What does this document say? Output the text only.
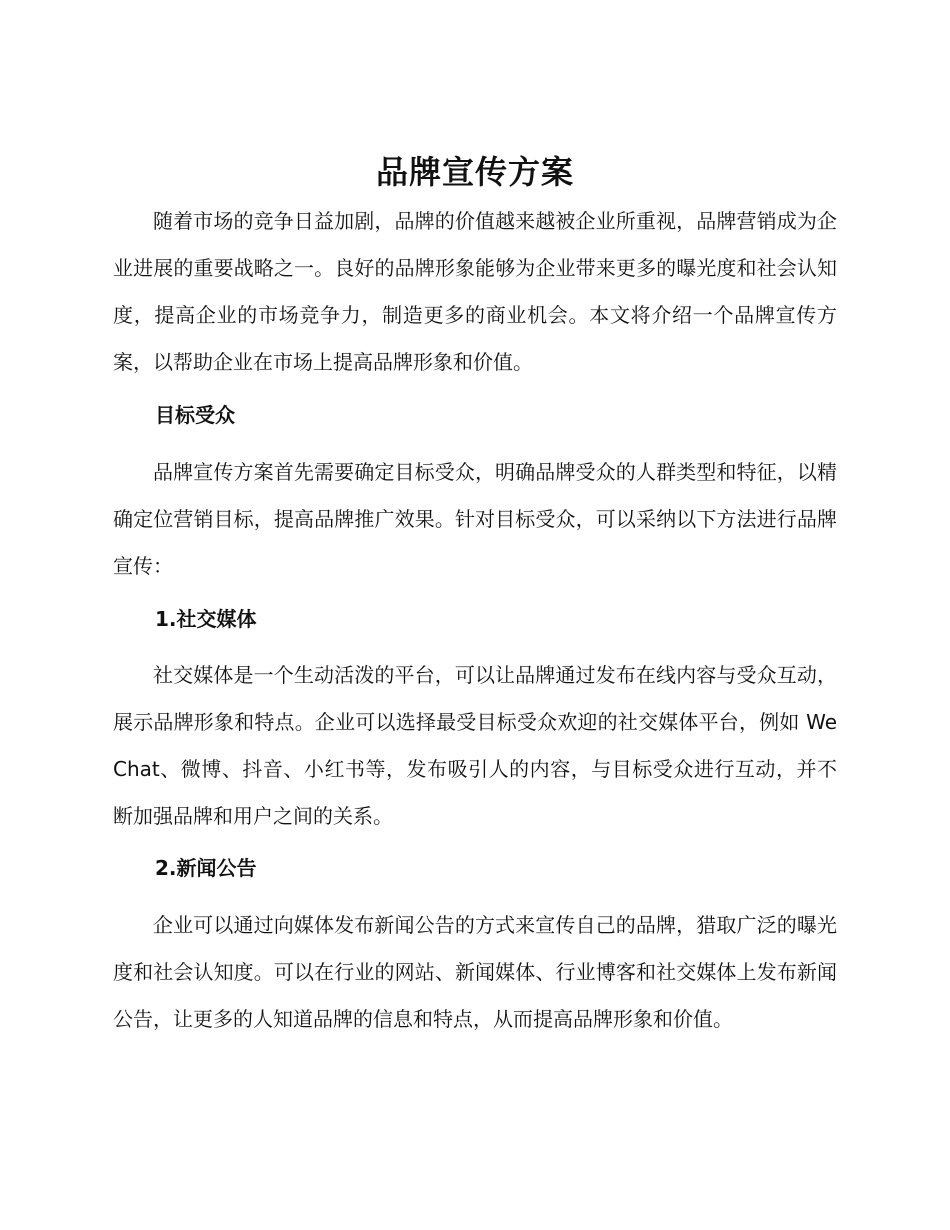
品牌宣传方案

随着市场的竞争日益加剧，品牌的价值越来越被企业所重视，品牌营销成为企业进展的重要战略之一。良好的品牌形象能够为企业带来更多的曝光度和社会认知度，提高企业的市场竞争力，制造更多的商业机会。本文将介绍一个品牌宣传方案，以帮助企业在市场上提高品牌形象和价值。

目标受众

品牌宣传方案首先需要确定目标受众，明确品牌受众的人群类型和特征，以精确定位营销目标，提高品牌推广效果。针对目标受众，可以采纳以下方法进行品牌宣传：

1.社交媒体

社交媒体是一个生动活泼的平台，可以让品牌通过发布在线内容与受众互动，展示品牌形象和特点。企业可以选择最受目标受众欢迎的社交媒体平台，例如 WeChat、微博、抖音、小红书等，发布吸引人的内容，与目标受众进行互动，并不断加强品牌和用户之间的关系。

2.新闻公告

企业可以通过向媒体发布新闻公告的方式来宣传自己的品牌，猎取广泛的曝光度和社会认知度。可以在行业的网站、新闻媒体、行业博客和社交媒体上发布新闻公告，让更多的人知道品牌的信息和特点，从而提高品牌形象和价值。
